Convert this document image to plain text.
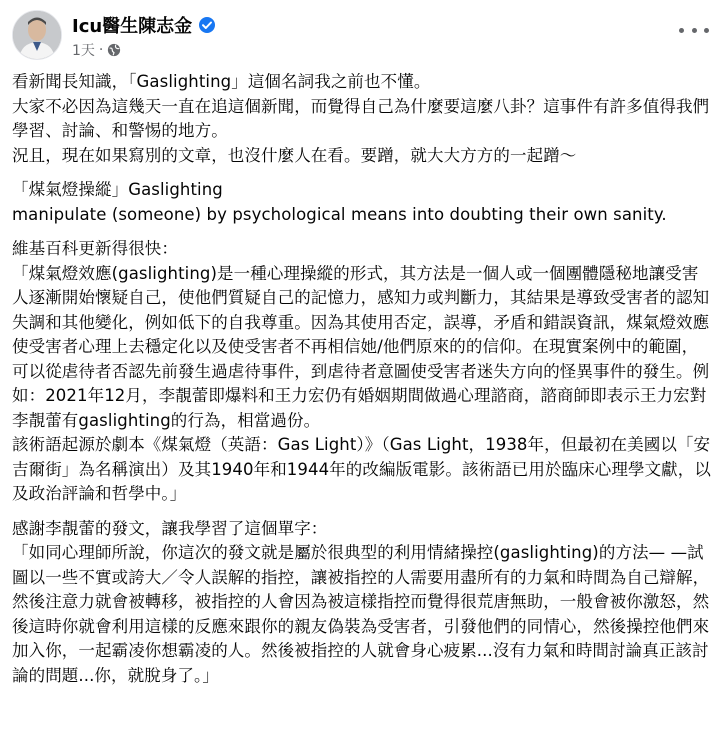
Icu醫生陳志金
1天 ·

看新聞長知識，「Gaslighting」這個名詞我之前也不懂。

大家不必因為這幾天一直在追這個新聞，而覺得自己為什麼要這麼八卦？這事件有許多值得我們學習、討論、和警惕的地方。

況且，現在如果寫別的文章，也沒什麼人在看。要蹭，就大大方方的一起蹭～

「煤氣燈操縱」Gaslighting

manipulate (someone) by psychological means into doubting their own sanity.

維基百科更新得很快：

「煤氣燈效應(gaslighting)是一種心理操縱的形式，其方法是一個人或一個團體隱秘地讓受害人逐漸開始懷疑自己，使他們質疑自己的記憶力，感知力或判斷力，其結果是導致受害者的認知失調和其他變化，例如低下的自我尊重。因為其使用否定，誤導，矛盾和錯誤資訊，煤氣燈效應使受害者心理上去穩定化以及使受害者不再相信她/他們原來的的信仰。在現實案例中的範圍，可以從虐待者否認先前發生過虐待事件，到虐待者意圖使受害者迷失方向的怪異事件的發生。例如：2021年12月，李靚蕾即爆料和王力宏仍有婚姻期間做過心理諮商，諮商師即表示王力宏對李靚蕾有gaslighting的行為，相當過份。

該術語起源於劇本《煤氣燈（英語：Gas Light）》（Gas Light，1938年，但最初在美國以「安吉爾街」為名稱演出）及其1940年和1944年的改編版電影。該術語已用於臨床心理學文獻，以及政治評論和哲學中。」

感謝李靚蕾的發文，讓我學習了這個單字：

「如同心理師所說，你這次的發文就是屬於很典型的利用情緒操控(gaslighting)的方法— —試圖以一些不實或誇大／令人誤解的指控，讓被指控的人需要用盡所有的力氣和時間為自己辯解，然後注意力就會被轉移，被指控的人會因為被這樣指控而覺得很荒唐無助，一般會被你激怒，然後這時你就會利用這樣的反應來跟你的親友偽裝為受害者，引發他們的同情心，然後操控他們來加入你，一起霸凌你想霸凌的人。然後被指控的人就會身心疲累...沒有力氣和時間討論真正該討論的問題...你，就脫身了。」
